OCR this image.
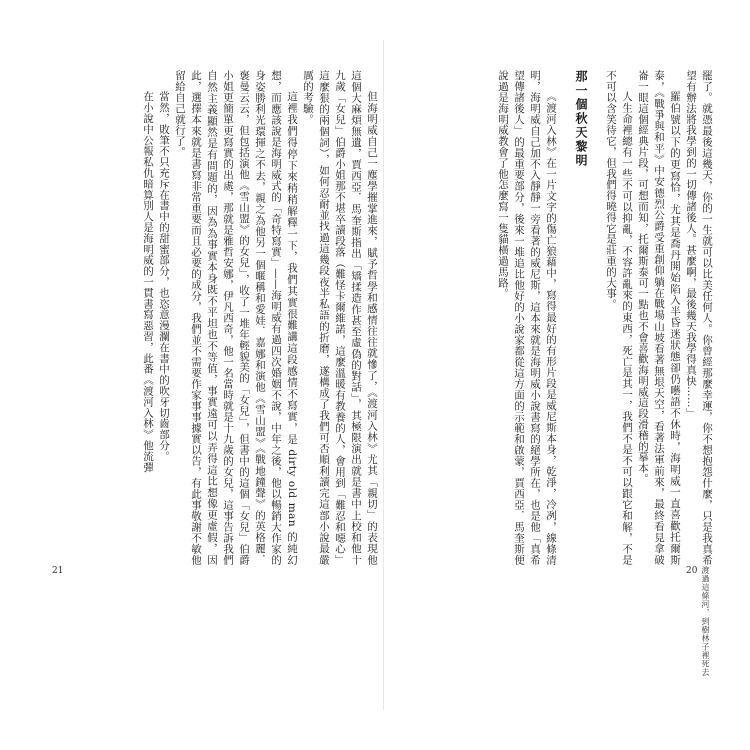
罷了。就憑最後這幾天，你的一生就可以比美任何人。你曾經那麼幸運，你不想抱怨什麼，只是我真希望有辦法將我學到的一切傳諸後人。甚麼啊，最後幾天我學得真快……」

羅伯號以下的更寫恰，尤其是喬丹開始陷入半昏迷狀態卻仍囈語不休時，海明威一直喜歡托爾斯泰，《戰爭與和平》中安德烈公爵受重創仰躺在戰場山坡看著無垠天空，看著法軍前來，最終看見拿破崙一眼這個經典片段，可想而知，托爾斯泰可一點也不會喜歡海明威這段滑稽的摹本。

人生命裡總有一些不可以抑亂，不容許亂來的東西，死亡是其一，我們不是不可以跟它和解，不是不可以含笑待它，但我們得曉得它是莊重的大事。

那一個秋天黎明

《渡河入林》在一片文字的傷亡狼藉中，寫得最好的有形片段是威尼斯本身，乾淨，冷冽，線條清明，海明威自己加不入靜靜一旁看著的威尼斯，這本來就是海明威小說書寫的絕學所在，也是他「真希望傳諸後人」的最重要部分，後來一堆追比他好的小說家都從這方面的示範和啟蒙，賈西亞．馬奎斯便說過是海明威教會了他怎麼寫一隻貓橫過馬路。

但海明威自己一塵學摧掌進來，賦予哲學和感情往往就慘了，《渡河入林》尤其「親切」的表現他這個大麻煩無遺，賈西亞．馬奎斯指出「矯揉造作甚至虛偽的對話」，其極限演出就是書中上校和他十九歲「女兒」伯爵小姐那不堪卒讀段落（難怪卡爾維諾，這麼溫暖有教養的人，會用到「難忍和噁心」這麼狠的兩個詞），如何忍耐並找過這幾段夜半私語的折磨，遂構成了我們可否順利讀完這部小說最嚴厲的考驗。

這裡我們得停下來稍稍解釋一下，我們其實很難講這段感情不寫實，是 dirty old man 的純幻想，而應該說是海明威式的「奇特寫實」——海明威有過四次婚姻不說，中年之後，他以暢銷大作家的身姿勝利光環揮之不去，親之為他另一個暱稱和愛娃．嘉娜和演他《雪山盟》《戰地鐘聲》的英格麗．褒曼云云，但包括演他《雪山盟》的女兒」，收了一堆年輕貌美的「女兒」，但書中的這個「女兒」伯爵小姐更簡單更寫實的出處，那就是雅哲安娜，伊凡西奇，他一名當時就是十九歲的女兒，這事告訴我們自然主義顯然是有問題的，因為為事實本身既不平坦也不等值，事實遠可以弄得這比想像更虛假，因此，選擇本來就是書寫非常重要而且必要的成分，我們並不需要作家事事據實以告，有此事敬謝不敏他留給自己就行了。

當然，敗筆不只充斥在書中的甜蜜部分，也恣意漫瀾在書中的吹牙切齒部分。

在小說中公報私仇暗算別人是海明威的一貫書寫惡習，此番《渡河入林》他流彈

21	20 渡過這條河，到樹林子裡死去
